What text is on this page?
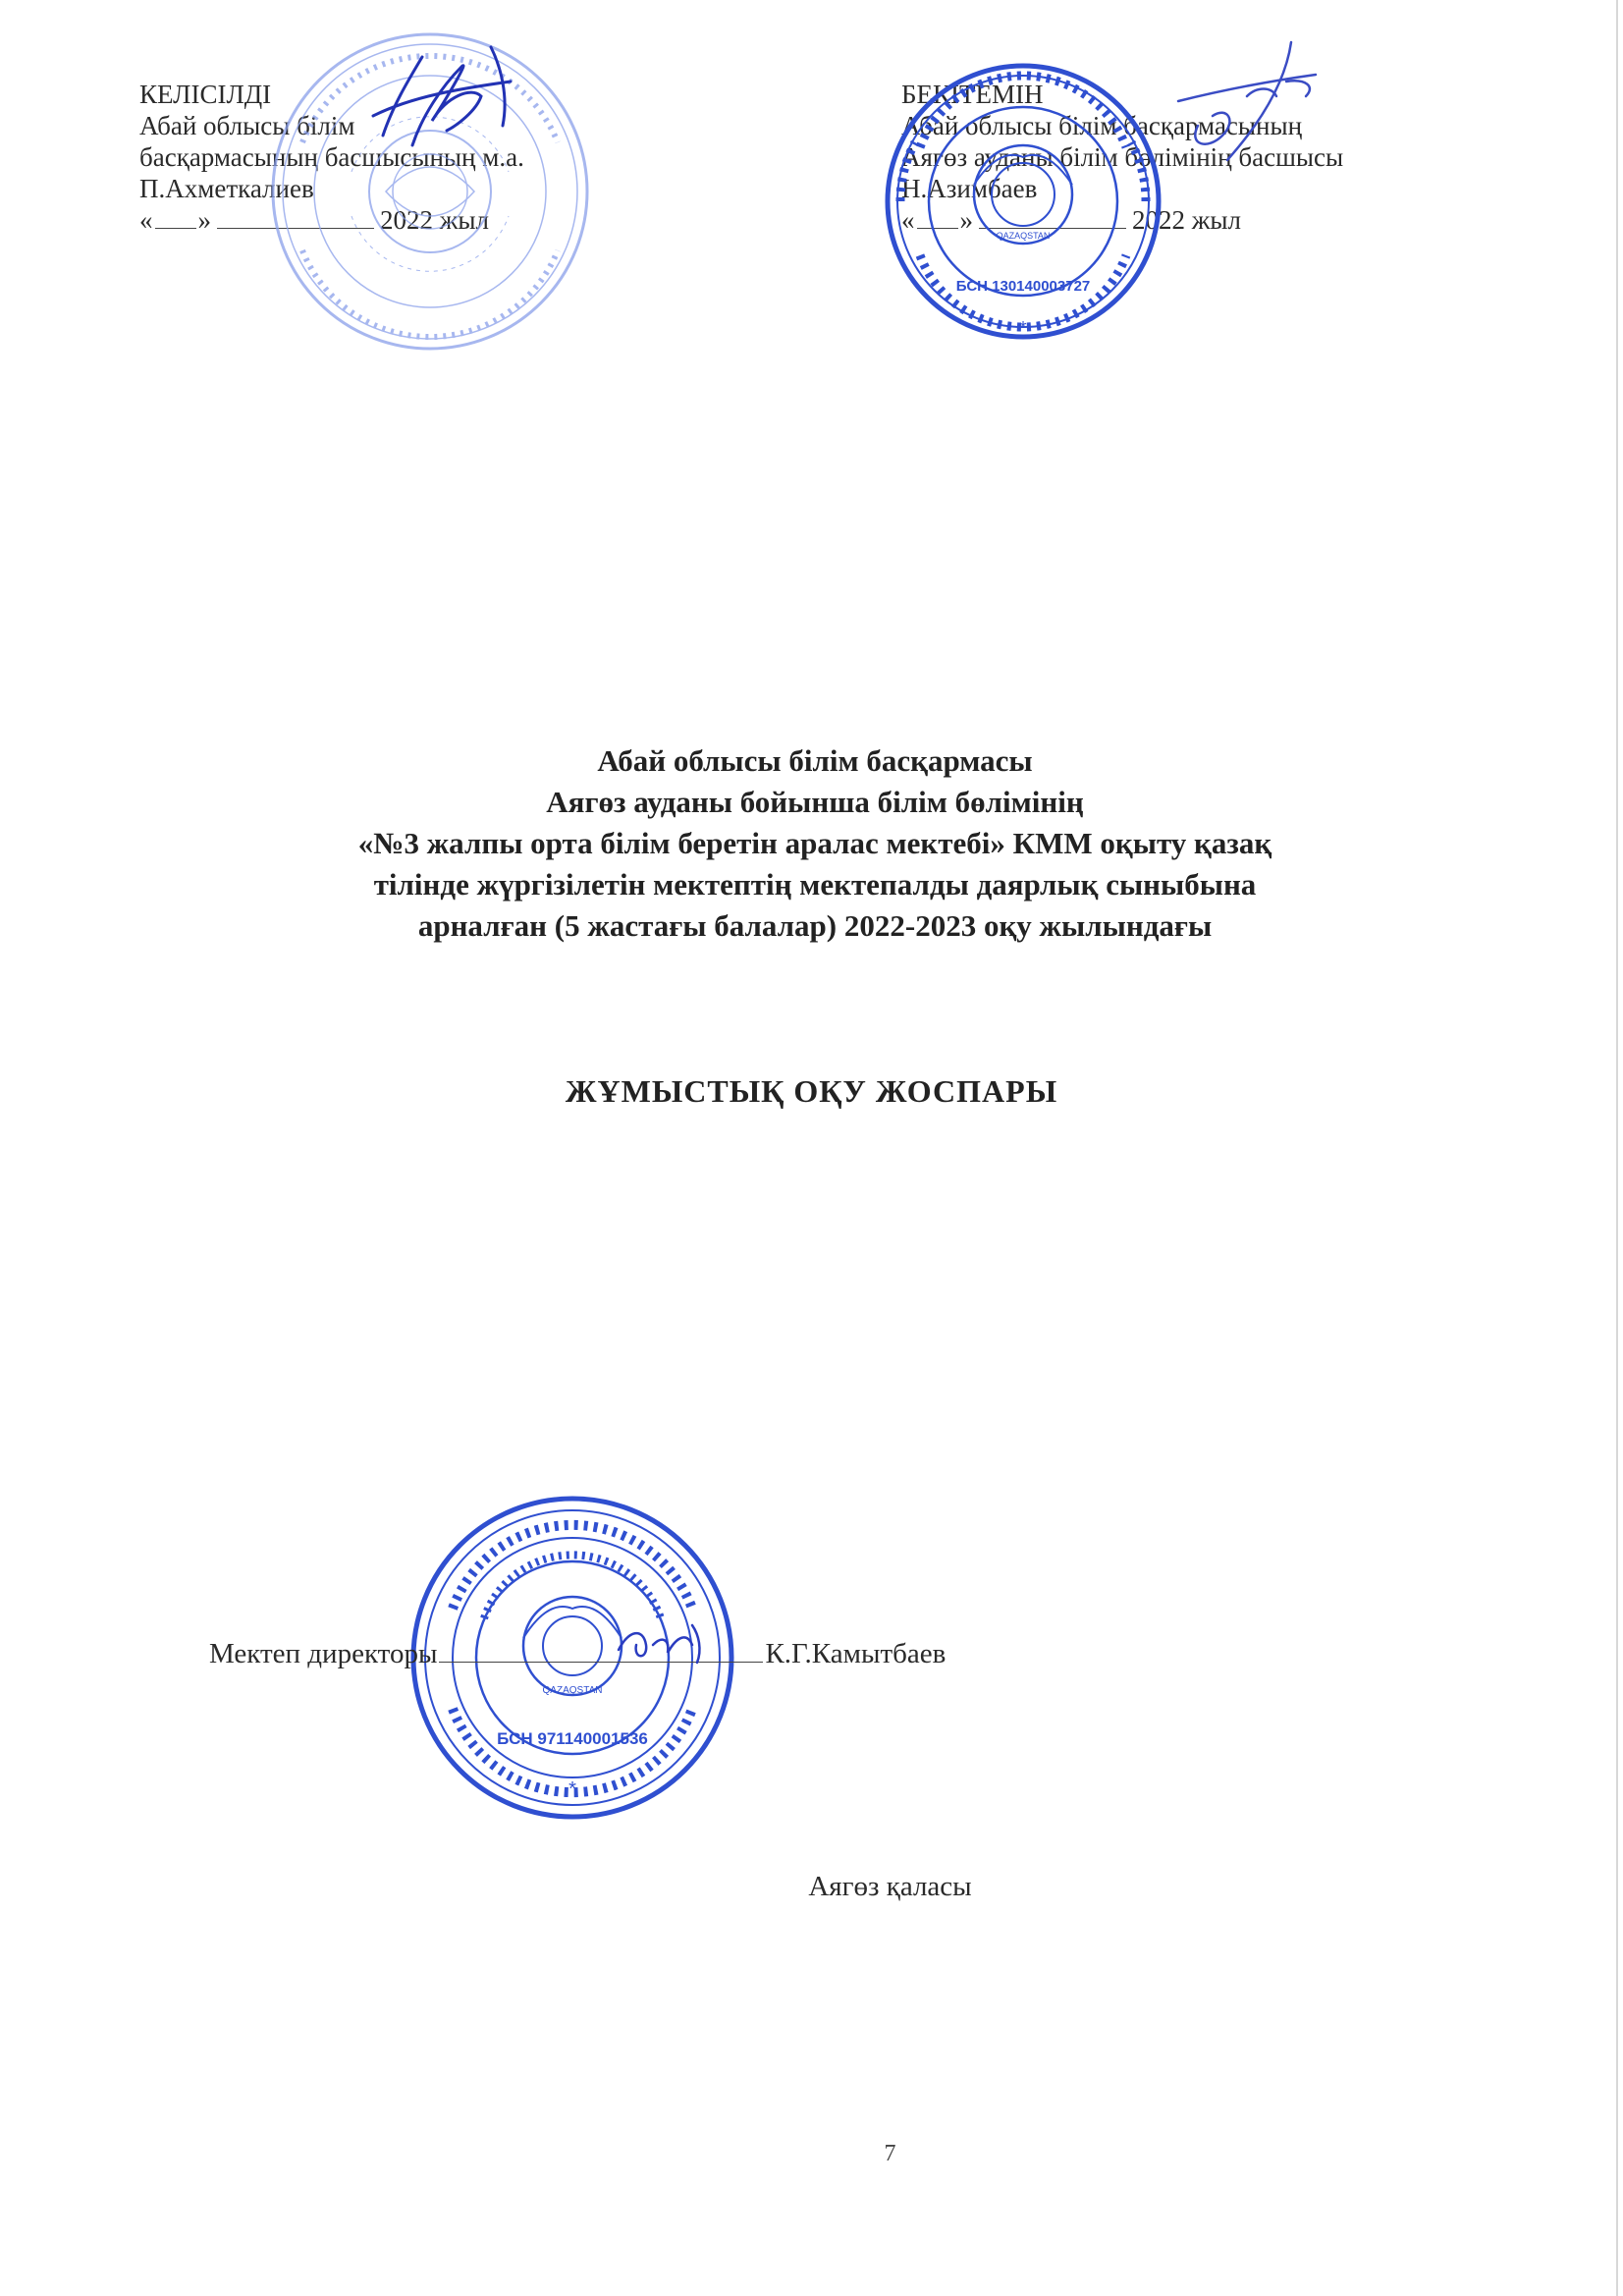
КЕЛІСІЛДІ
Абай облысы білім
басқармасының басшысының м.а.
П.Ахметкалиев
« »	2022 жыл
БЕКІТЕМІН
Абай облысы білім басқармасының
Аягөз ауданы білім бөлімінің басшысы
Н.Азимбаев
« »	2022 жыл
QAZAQSTAN
БСН 130140003727
*
Абай облысы білім басқармасы
Аягөз ауданы бойынша білім бөлімінің
«№3 жалпы орта білім беретін аралас мектебі» КММ оқыту қазақ
тілінде жүргізілетін мектептің мектепалды даярлық сыныбына
арналған (5 жастағы балалар) 2022-2023 оқу жылындағы
ЖҰМЫСТЫҚ ОҚУ ЖОСПАРЫ
QAZAQSTAN
БСН 971140001536
*
Мектеп директоры	К.Г.Камытбаев
Аягөз қаласы
7
